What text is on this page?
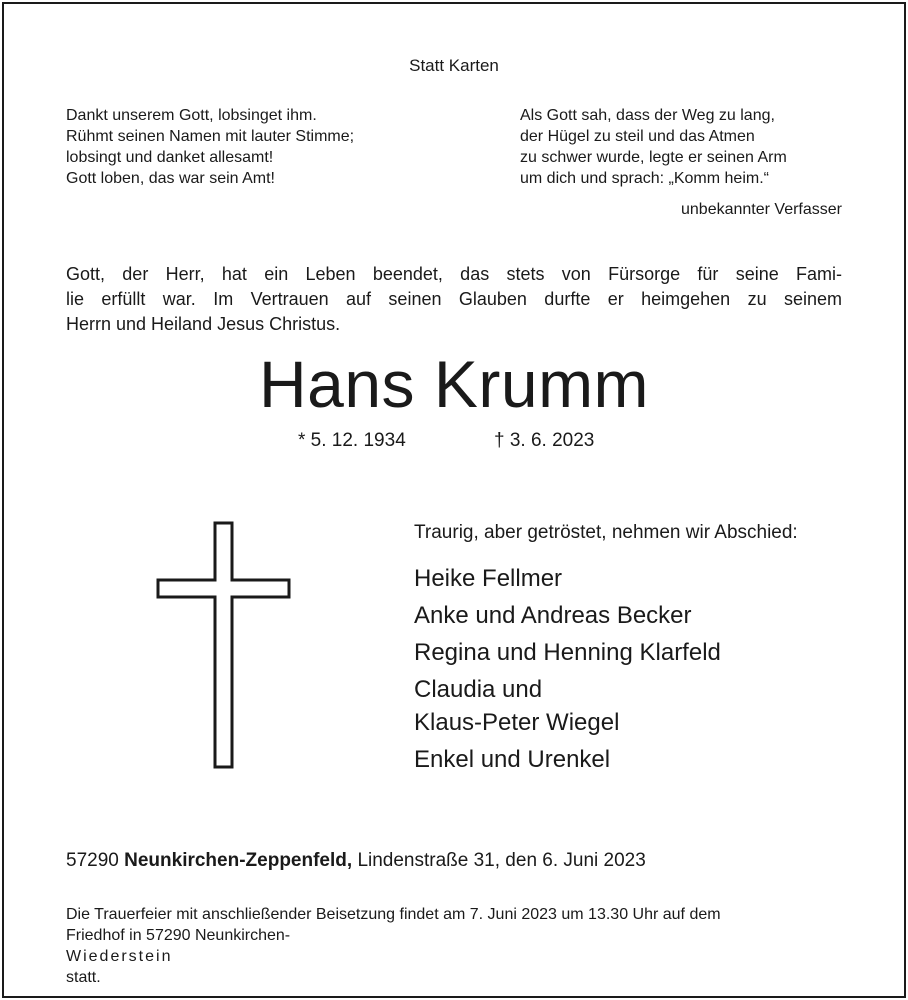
Statt Karten

Dankt unserem Gott, lobsinget ihm.
Rühmt seinen Namen mit lauter Stimme;
lobsingt und danket allesamt!
Gott loben, das war sein Amt!
Als Gott sah, dass der Weg zu lang,
der Hügel zu steil und das Atmen
zu schwer wurde, legte er seinen Arm
um dich und sprach: „Komm heim.“

unbekannter Verfasser

Gott, der Herr, hat ein Leben beendet, das stets von Fürsorge für seine Fami-
lie erfüllt war. Im Vertrauen auf seinen Glauben durfte er heimgehen zu seinem
Herrn und Heiland Jesus Christus.

Hans Krumm

* 5. 12. 1934	† 3. 6. 2023

Traurig, aber getröstet, nehmen wir Abschied:

Heike Fellmer
Anke und Andreas Becker
Regina und Henning Klarfeld
Claudia und
Klaus-Peter Wiegel
Enkel und Urenkel

57290 Neunkirchen-Zeppenfeld, Lindenstraße 31, den 6. Juni 2023

Die Trauerfeier mit anschließender Beisetzung findet am 7. Juni 2023 um 13.30 Uhr auf dem
Friedhof in 57290 Neunkirchen-
Wiederstein
statt.
